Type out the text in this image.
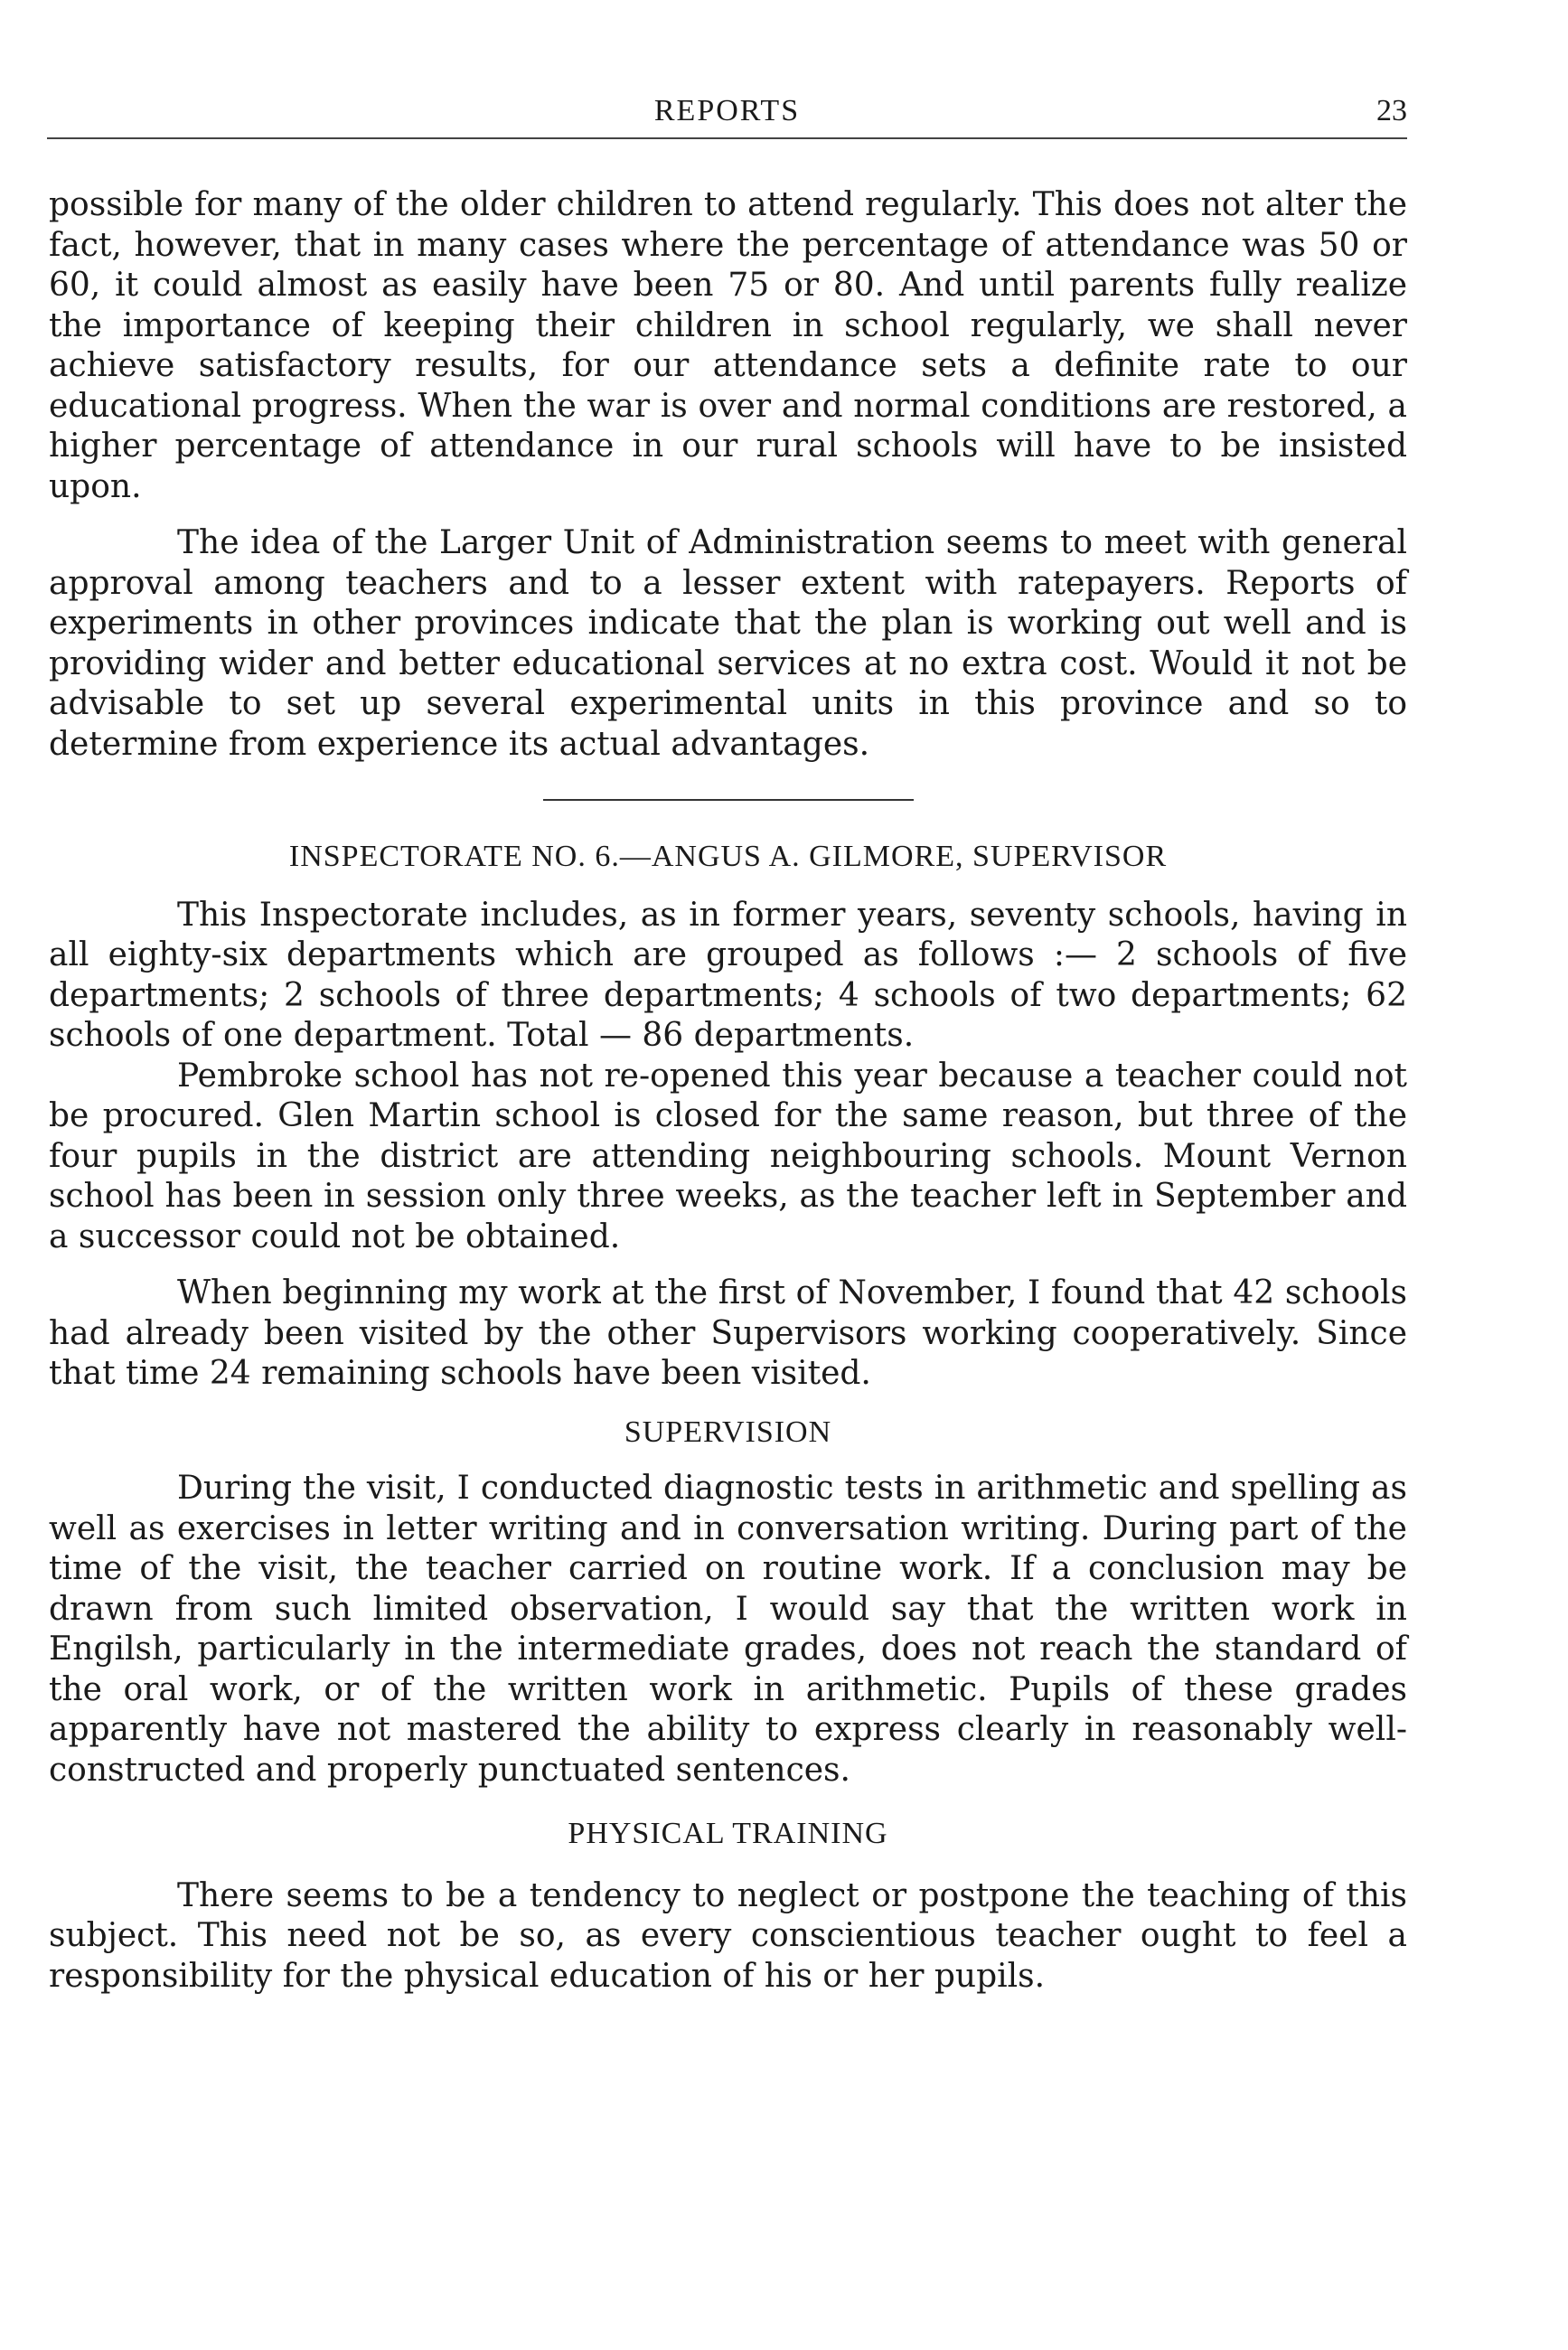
REPORTS	23

possible for many of the older children to attend regularly. This does not alter the fact, however, that in many cases where the percentage of attendance was 50 or 60, it could almost as easily have been 75 or 80. And until parents fully realize the importance of keeping their children in school regularly, we shall never achieve satisfactory results, for our attendance sets a definite rate to our educational progress. When the war is over and normal conditions are restored, a higher percentage of attendance in our rural schools will have to be insisted upon.

The idea of the Larger Unit of Administration seems to meet with general approval among teachers and to a lesser extent with ratepayers. Reports of experiments in other provinces indicate that the plan is working out well and is providing wider and better educational services at no extra cost. Would it not be advisable to set up several experimental units in this province and so to determine from experience its actual advantages.

INSPECTORATE NO. 6.—ANGUS A. GILMORE, SUPERVISOR

This Inspectorate includes, as in former years, seventy schools, having in all eighty-six departments which are grouped as follows :— 2 schools of five departments; 2 schools of three departments; 4 schools of two departments; 62 schools of one department. Total — 86 departments.

Pembroke school has not re-opened this year because a teacher could not be procured. Glen Martin school is closed for the same reason, but three of the four pupils in the district are attending neighbouring schools. Mount Vernon school has been in session only three weeks, as the teacher left in September and a successor could not be obtained.

When beginning my work at the first of November, I found that 42 schools had already been visited by the other Supervisors working cooperatively. Since that time 24 remaining schools have been visited.

SUPERVISION

During the visit, I conducted diagnostic tests in arithmetic and spelling as well as exercises in letter writing and in conversation writing. During part of the time of the visit, the teacher carried on routine work. If a conclusion may be drawn from such limited observation, I would say that the written work in Engilsh, particularly in the intermediate grades, does not reach the standard of the oral work, or of the written work in arithmetic. Pupils of these grades apparently have not mastered the ability to express clearly in reasonably well-constructed and properly punctuated sentences.

PHYSICAL TRAINING

There seems to be a tendency to neglect or postpone the teaching of this subject. This need not be so, as every conscientious teacher ought to feel a responsibility for the physical education of his or her pupils.
